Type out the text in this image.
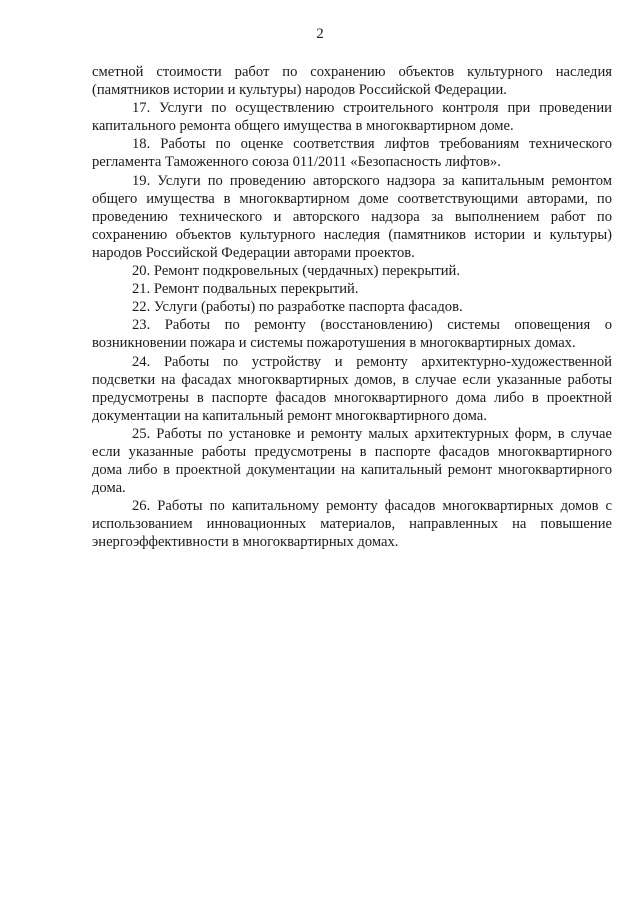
2

сметной стоимости работ по сохранению объектов культурного наследия (памятников истории и культуры) народов Российской Федерации.

17. Услуги по осуществлению строительного контроля при проведении капитального ремонта общего имущества в многоквартирном доме.

18. Работы по оценке соответствия лифтов требованиям технического регламента Таможенного союза 011/2011 «Безопасность лифтов».

19. Услуги по проведению авторского надзора за капитальным ремонтом общего имущества в многоквартирном доме соответствующими авторами, по проведению технического и авторского надзора за выполнением работ по сохранению объектов культурного наследия (памятников истории и культуры) народов Российской Федерации авторами проектов.

20. Ремонт подкровельных (чердачных) перекрытий.

21. Ремонт подвальных перекрытий.

22. Услуги (работы) по разработке паспорта фасадов.

23. Работы по ремонту (восстановлению) системы оповещения о возникновении пожара и системы пожаротушения в многоквартирных домах.

24. Работы по устройству и ремонту архитектурно-художественной подсветки на фасадах многоквартирных домов, в случае если указанные работы предусмотрены в паспорте фасадов многоквартирного дома либо в проектной документации на капитальный ремонт многоквартирного дома.

25. Работы по установке и ремонту малых архитектурных форм, в случае если указанные работы предусмотрены в паспорте фасадов многоквартирного дома либо в проектной документации на капитальный ремонт многоквартирного дома.

26. Работы по капитальному ремонту фасадов многоквартирных домов с использованием инновационных материалов, направленных на повышение энергоэффективности в многоквартирных домах.
